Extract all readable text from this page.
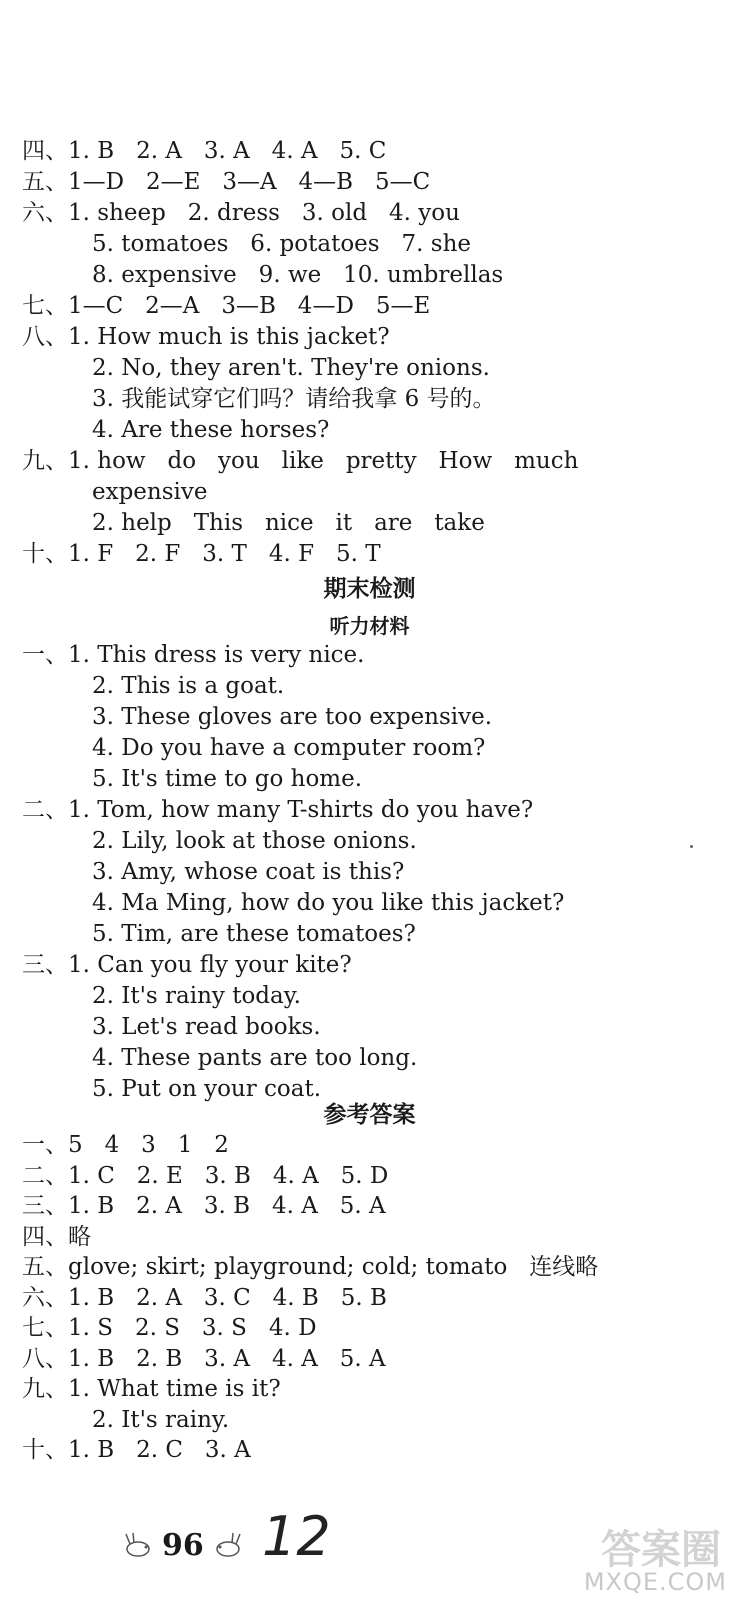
四、1. B   2. A   3. A   4. A   5. C
五、1—D   2—E   3—A   4—B   5—C
六、1. sheep   2. dress   3. old   4. you
5. tomatoes   6. potatoes   7. she
8. expensive   9. we   10. umbrellas
七、1—C   2—A   3—B   4—D   5—E
八、1. How much is this jacket?
2. No, they aren't. They're onions.
3. 我能试穿它们吗？请给我拿 6 号的。
4. Are these horses?
九、1. how   do   you   like   pretty   How   much
expensive
2. help   This   nice   it   are   take
十、1. F   2. F   3. T   4. F   5. T
期末检测
听力材料
一、1. This dress is very nice.
2. This is a goat.
3. These gloves are too expensive.
4. Do you have a computer room?
5. It's time to go home.
二、1. Tom, how many T-shirts do you have?
2. Lily, look at those onions.
3. Amy, whose coat is this?
4. Ma Ming, how do you like this jacket?
5. Tim, are these tomatoes?
三、1. Can you fly your kite?
2. It's rainy today.
3. Let's read books.
4. These pants are too long.
5. Put on your coat.
参考答案
一、5   4   3   1   2
二、1. C   2. E   3. B   4. A   5. D
三、1. B   2. A   3. B   4. A   5. A
四、略
五、glove; skirt; playground; cold; tomato   连线略
六、1. B   2. A   3. C   4. B   5. B
七、1. S   2. S   3. S   4. D
八、1. B   2. B   3. A   4. A   5. A
九、1. What time is it?
2. It's rainy.
十、1. B   2. C   3. A
96 12	答案圈
MXQE.COM
